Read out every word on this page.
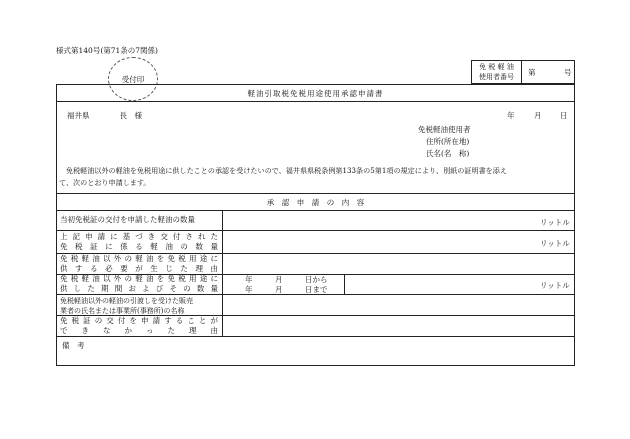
様式第140号(第71条の7関係)
受付印
免 税 軽 油
使用者番号	第	号
軽油引取税免税用途使用承認申請書
福井県　　　　長　様	年	月 日
免税軽油使用者
住所(所在地)
氏名(名　称)
免税軽油以外の軽油を免税用途に供したことの承認を受けたいので、福井県県税条例第133条の5第1項の規定により、別紙の証明書を添え
て、次のとおり申請します。
承　認　申　請　の　内　容
当初免税証の交付を申請した軽油の数量	リットル
上記申請に基づき交付された
免税証に係る軽油の数量	リットル
免税軽油以外の軽油を免税用途に
供する必要が生じた理由
免税軽油以外の軽油を免税用途に
供した期間およびその数量
年　　　月　　　日から
年　　　月　　　日まで	リットル
免税軽油以外の軽油の引渡しを受けた販売
業者の氏名または事業所(事務所)の名称
免税証の交付を申請することが
できなかった理由
備　考
